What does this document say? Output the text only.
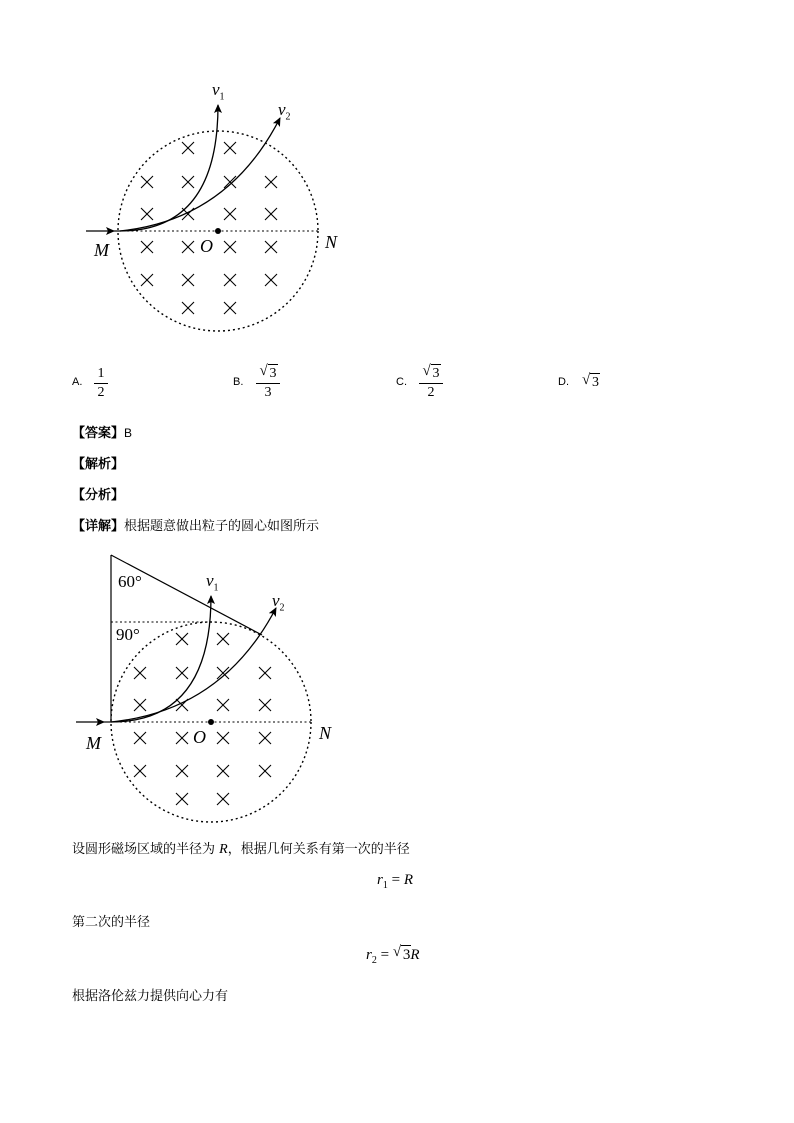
$v_1$
$v_2$
M	O	N
A.
1
2
B.
√ 3
3
C.
√ 3
2
D. √ 3
【答案】B
【解析】
【分析】
【详解】根据题意做出粒子的圆心如图所示
60°
90°
$v_1$
$v_2$
M	O	N
设圆形磁场区域的半径为 R，根据几何关系有第一次的半径
$r_1 = R$
第二次的半径
$r_2$ = √ 3R
根据洛伦兹力提供向心力有
